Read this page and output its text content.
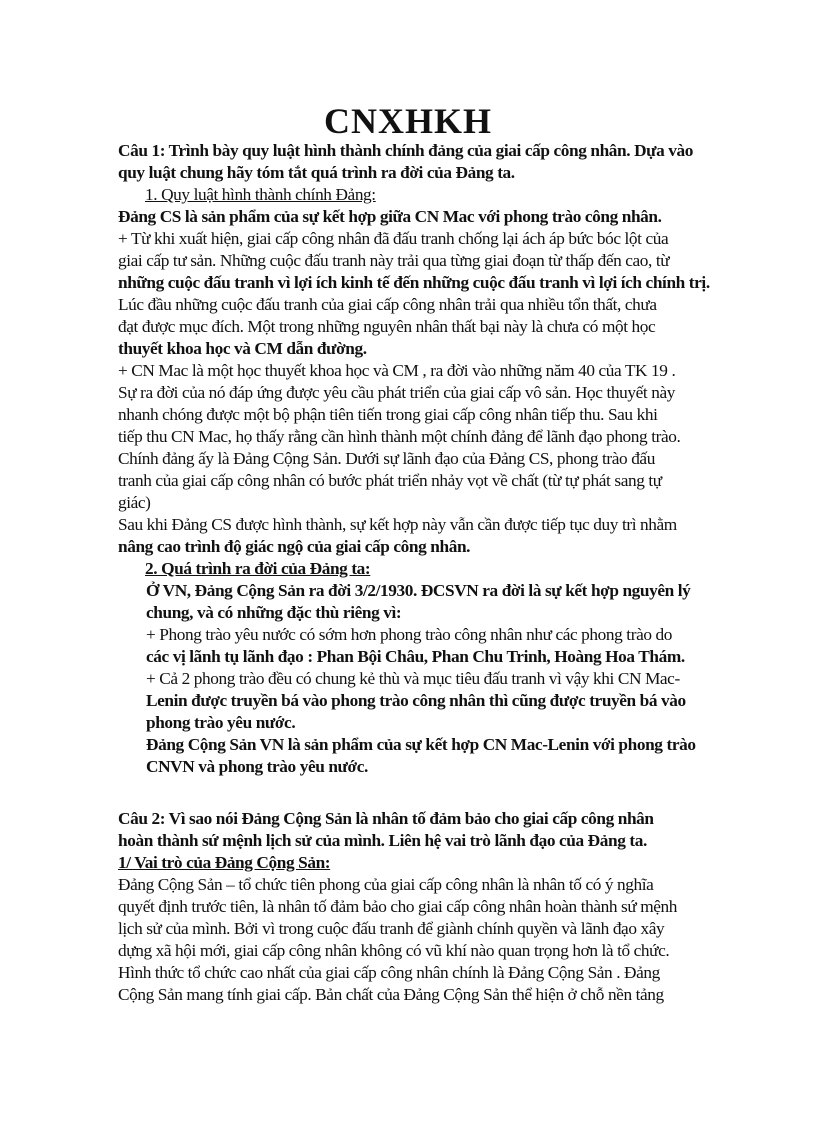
CNXHKH
Câu 1: Trình bày quy luật hình thành chính đảng của giai cấp công nhân. Dựa vào
quy luật chung hãy tóm tắt quá trình ra đời của Đảng ta.
1. Quy luật hình thành chính Đảng:
Đảng CS là sản phẩm của sự kết hợp giữa CN Mac với phong trào công nhân.
+ Từ khi xuất hiện, giai cấp công nhân đã đấu tranh chống lại ách áp bức bóc lột của
giai cấp tư sản. Những cuộc đấu tranh này trải qua từng giai đoạn từ thấp đến cao, từ
những cuộc đấu tranh vì lợi ích kinh tế đến những cuộc đấu tranh vì lợi ích chính trị.
Lúc đầu những cuộc đấu tranh của giai cấp công nhân trải qua nhiều tổn thất, chưa
đạt được mục đích. Một trong những nguyên nhân thất bại này là chưa có một học
thuyết khoa học và CM dẫn đường.
+ CN Mac là một học thuyết khoa học và CM , ra đời vào những năm 40 của TK 19 .
Sự ra đời của nó đáp ứng được yêu cầu phát triển của giai cấp vô sản. Học thuyết này
nhanh chóng được một bộ phận tiên tiến trong giai cấp công nhân tiếp thu. Sau khi
tiếp thu CN Mac, họ thấy rằng cần hình thành một chính đảng để lãnh đạo phong trào.
Chính đảng ấy là Đảng Cộng Sản. Dưới sự lãnh đạo của Đảng CS, phong trào đấu
tranh của giai cấp công nhân có bước phát triển nhảy vọt về chất (từ tự phát sang tự
giác)
Sau khi Đảng CS được hình thành, sự kết hợp này vẫn cần được tiếp tục duy trì nhằm
nâng cao trình độ giác ngộ của giai cấp công nhân.
2. Quá trình ra đời của Đảng ta:
Ở VN, Đảng Cộng Sản ra đời 3/2/1930. ĐCSVN ra đời là sự kết hợp nguyên lý
chung, và có những đặc thù riêng vì:
+ Phong trào yêu nước có sớm hơn phong trào công nhân như các phong trào do
các vị lãnh tụ lãnh đạo : Phan Bội Châu, Phan Chu Trinh, Hoàng Hoa Thám.
+ Cả 2 phong trào đều có chung kẻ thù và mục tiêu đấu tranh vì vậy khi CN Mac-
Lenin được truyền bá vào phong trào công nhân thì cũng được truyền bá vào
phong trào yêu nước.
Đảng Cộng Sản VN là sản phẩm của sự kết hợp CN Mac-Lenin với phong trào
CNVN và phong trào yêu nước.
Câu 2: Vì sao nói Đảng Cộng Sản là nhân tố đảm bảo cho giai cấp công nhân
hoàn thành sứ mệnh lịch sử của mình. Liên hệ vai trò lãnh đạo của Đảng ta.
1/ Vai trò của Đảng Cộng Sản:
Đảng Cộng Sản – tổ chức tiên phong của giai cấp công nhân là nhân tố có ý nghĩa
quyết định trước tiên, là nhân tố đảm bảo cho giai cấp công nhân hoàn thành sứ mệnh
lịch sử của mình. Bởi vì trong cuộc đấu tranh để giành chính quyền và lãnh đạo xây
dựng xã hội mới, giai cấp công nhân không có vũ khí nào quan trọng hơn là tổ chức.
Hình thức tổ chức cao nhất của giai cấp công nhân chính là Đảng Cộng Sản . Đảng
Cộng Sản mang tính giai cấp. Bản chất của Đảng Cộng Sản thể hiện ở chỗ nền tảng
